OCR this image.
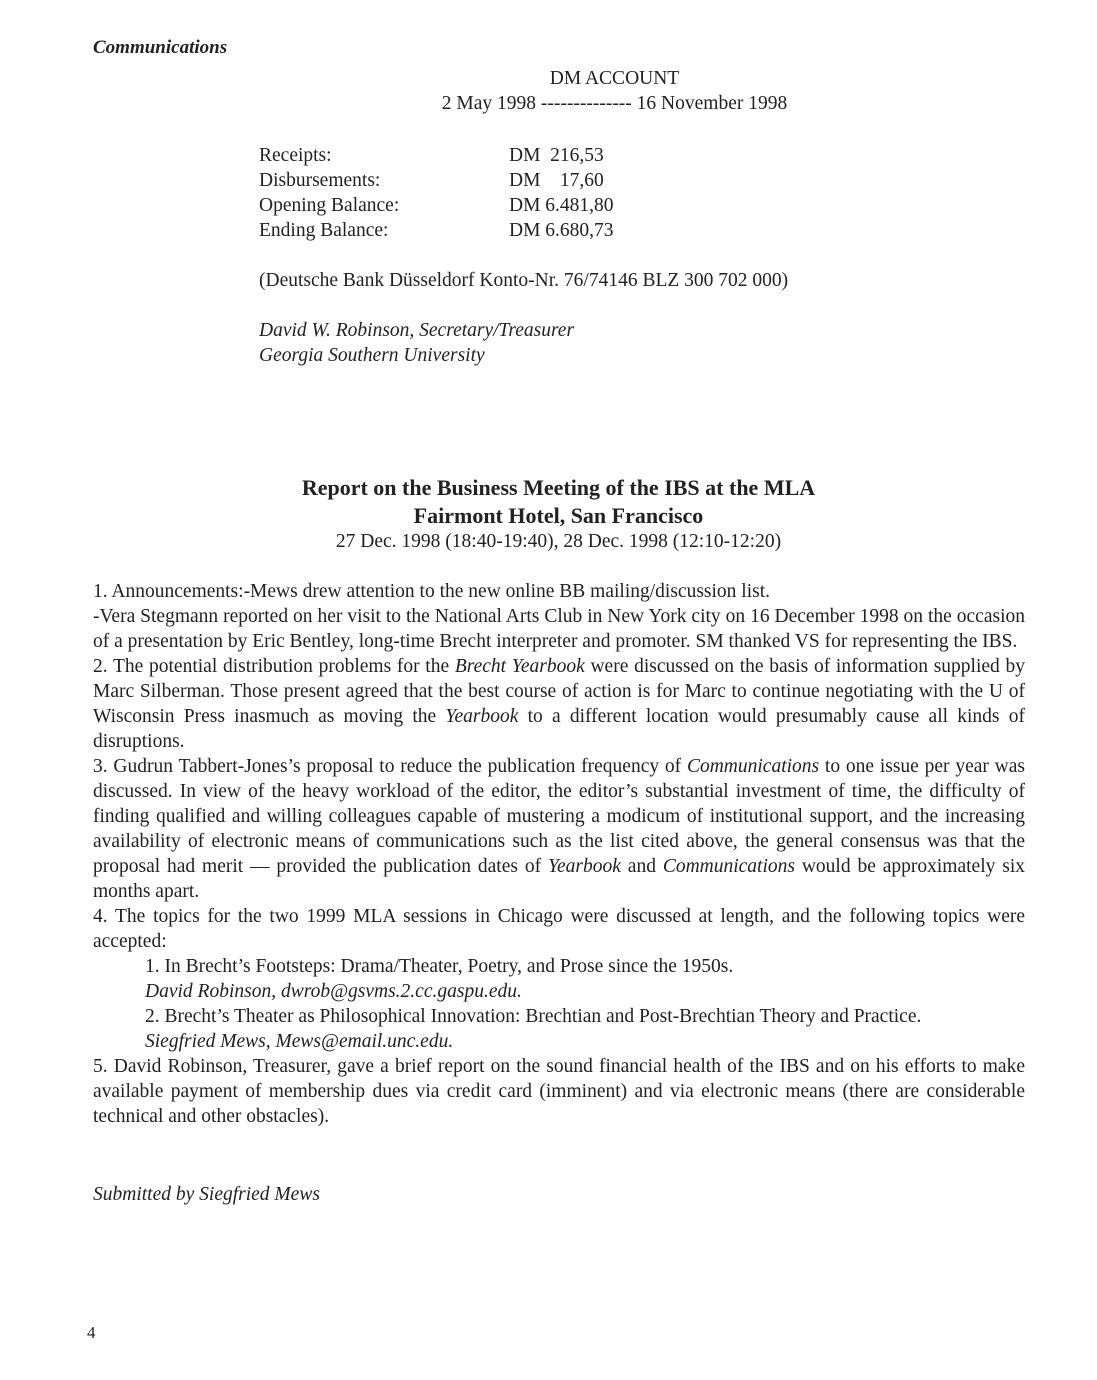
Communications
DM ACCOUNT
2 May 1998 -------------- 16 November 1998
Receipts:	DM  216,53
Disbursements:	DM    17,60
Opening Balance:	DM 6.481,80
Ending Balance:	DM 6.680,73
(Deutsche Bank Düsseldorf Konto-Nr. 76/74146 BLZ 300 702 000)
David W. Robinson, Secretary/Treasurer
Georgia Southern University
Report on the Business Meeting of the IBS at the MLA
Fairmont Hotel, San Francisco
27 Dec. 1998 (18:40-19:40), 28 Dec. 1998 (12:10-12:20)

1. Announcements:-Mews drew attention to the new online BB mailing/discussion list.

-Vera Stegmann reported on her visit to the National Arts Club in New York city on 16 December 1998 on the occasion of a presentation by Eric Bentley, long-time Brecht interpreter and promoter. SM thanked VS for representing the IBS.

2. The potential distribution problems for the Brecht Yearbook were discussed on the basis of information supplied by Marc Silberman. Those present agreed that the best course of action is for Marc to continue negotiating with the U of Wisconsin Press inasmuch as moving the Yearbook to a different location would presumably cause all kinds of disruptions.

3. Gudrun Tabbert-Jones’s proposal to reduce the publication frequency of Communications to one issue per year was discussed. In view of the heavy workload of the editor, the editor’s substantial investment of time, the difficulty of finding qualified and willing colleagues capable of mustering a modicum of institutional support, and the increasing availability of electronic means of communications such as the list cited above, the general consensus was that the proposal had merit — provided the publication dates of Yearbook and Communications would be approximately six months apart.

4. The topics for the two 1999 MLA sessions in Chicago were discussed at length, and the following topics were accepted:

1. In Brecht’s Footsteps: Drama/Theater, Poetry, and Prose since the 1950s.

David Robinson, dwrob@gsvms.2.cc.gaspu.edu.

2. Brecht’s Theater as Philosophical Innovation: Brechtian and Post-Brechtian Theory and Practice.

Siegfried Mews, Mews@email.unc.edu.

5. David Robinson, Treasurer, gave a brief report on the sound financial health of the IBS and on his efforts to make available payment of membership dues via credit card (imminent) and via electronic means (there are considerable technical and other obstacles).

Submitted by Siegfried Mews
4
